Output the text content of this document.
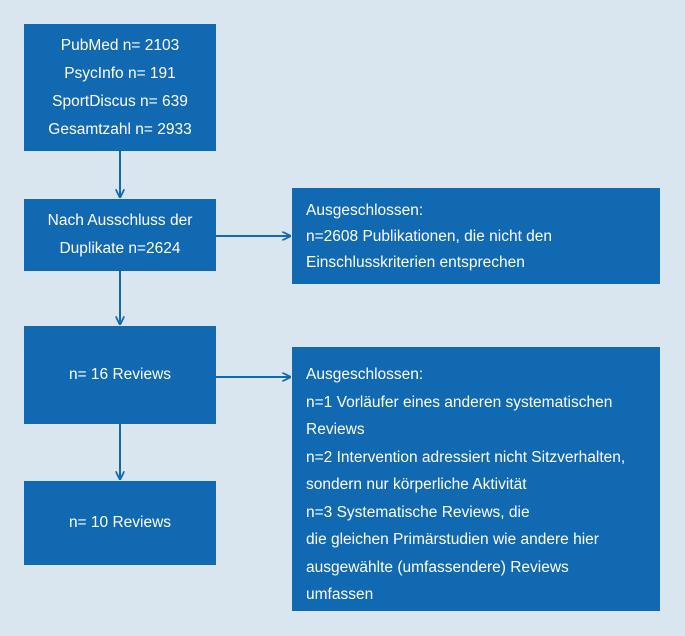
PubMed n= 2103
PsycInfo n= 191
SportDiscus n= 639
Gesamtzahl n= 2933
Nach Ausschluss der
Duplikate n=2624
n= 16 Reviews
n= 10 Reviews
Ausgeschlossen:
n=2608 Publikationen, die nicht den
Einschlusskriterien entsprechen
Ausgeschlossen:
n=1 Vorläufer eines anderen systematischen
Reviews
n=2 Intervention adressiert nicht Sitzverhalten,
sondern nur körperliche Aktivität
n=3 Systematische Reviews, die
die gleichen Primärstudien wie andere hier
ausgewählte (umfassendere) Reviews
umfassen
